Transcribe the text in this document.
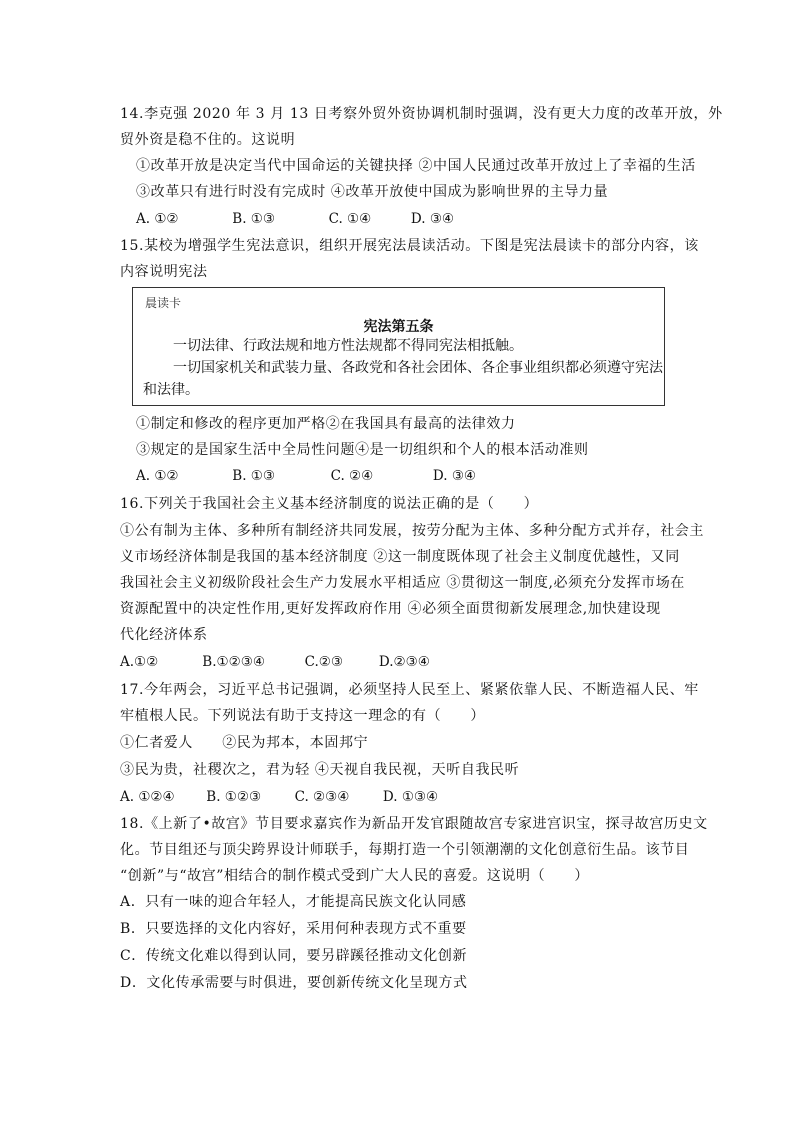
14.李克强 2020 年 3 月 13 日考察外贸外资协调机制时强调，没有更大力度的改革开放，外
贸外资是稳不住的。这说明
①改革开放是决定当代中国命运的关键抉择 ②中国人民通过改革开放过上了幸福的生活
③改革只有进行时没有完成时 ④改革开放使中国成为影响世界的主导力量
A. ①②	B. ①③	C. ①④	D. ③④
15.某校为增强学生宪法意识，组织开展宪法晨读活动。下图是宪法晨读卡的部分内容，该
内容说明宪法
晨读卡
宪法第五条
一切法律、行政法规和地方性法规都不得同宪法相抵触。
一切国家机关和武装力量、各政党和各社会团体、各企事业组织都必须遵守宪法
和法律。
①制定和修改的程序更加严格②在我国具有最高的法律效力
③规定的是国家生活中全局性问题④是一切组织和个人的根本活动准则
A. ①②	B. ①③	C. ②④	D. ③④
16.下列关于我国社会主义基本经济制度的说法正确的是（　　）
①公有制为主体、多种所有制经济共同发展，按劳分配为主体、多种分配方式并存，社会主
义市场经济体制是我国的基本经济制度 ②这一制度既体现了社会主义制度优越性，又同
我国社会主义初级阶段社会生产力发展水平相适应 ③贯彻这一制度,必须充分发挥市场在
资源配置中的决定性作用,更好发挥政府作用 ④必须全面贯彻新发展理念,加快建设现
代化经济体系
A.①②	B.①②③④	C.②③	D.②③④
17.今年两会，习近平总书记强调，必须坚持人民至上、紧紧依靠人民、不断造福人民、牢
牢植根人民。下列说法有助于支持这一理念的有（　　）
①仁者爱人　　②民为邦本，本固邦宁
③民为贵，社稷次之，君为轻 ④天视自我民视，天听自我民听
A. ①②④ B. ①②③ C. ②③④ D. ①③④
18.《上新了•故宫》节目要求嘉宾作为新品开发官跟随故宫专家进宫识宝，探寻故宫历史文
化。节目组还与顶尖跨界设计师联手，每期打造一个引领潮潮的文化创意衍生品。该节目
“创新”与“故宫”相结合的制作模式受到广大人民的喜爱。这说明（　　）
A．只有一味的迎合年轻人，才能提高民族文化认同感
B．只要选择的文化内容好，采用何种表现方式不重要
C．传统文化难以得到认同，要另辟蹊径推动文化创新
D．文化传承需要与时俱进，要创新传统文化呈现方式
